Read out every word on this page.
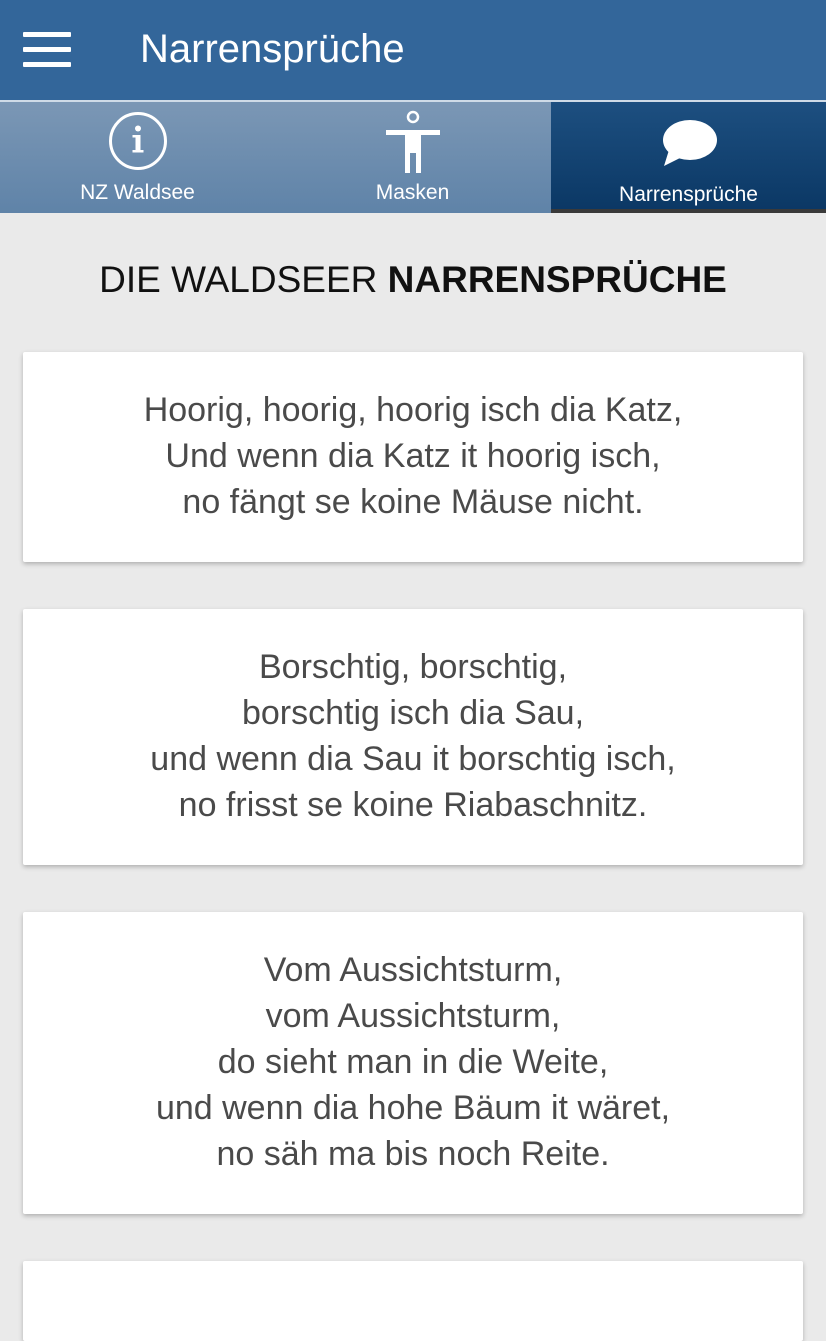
Narrensprüche
NZ Waldsee	Masken	Narrensprüche
DIE WALDSEER NARRENSPRÜCHE
Hoorig, hoorig, hoorig isch dia Katz,
Und wenn dia Katz it hoorig isch,
no fängt se koine Mäuse nicht.
Borschtig, borschtig,
borschtig isch dia Sau,
und wenn dia Sau it borschtig isch,
no frisst se koine Riabaschnitz.
Vom Aussichtsturm,
vom Aussichtsturm,
do sieht man in die Weite,
und wenn dia hohe Bäum it wäret,
no säh ma bis noch Reite.
